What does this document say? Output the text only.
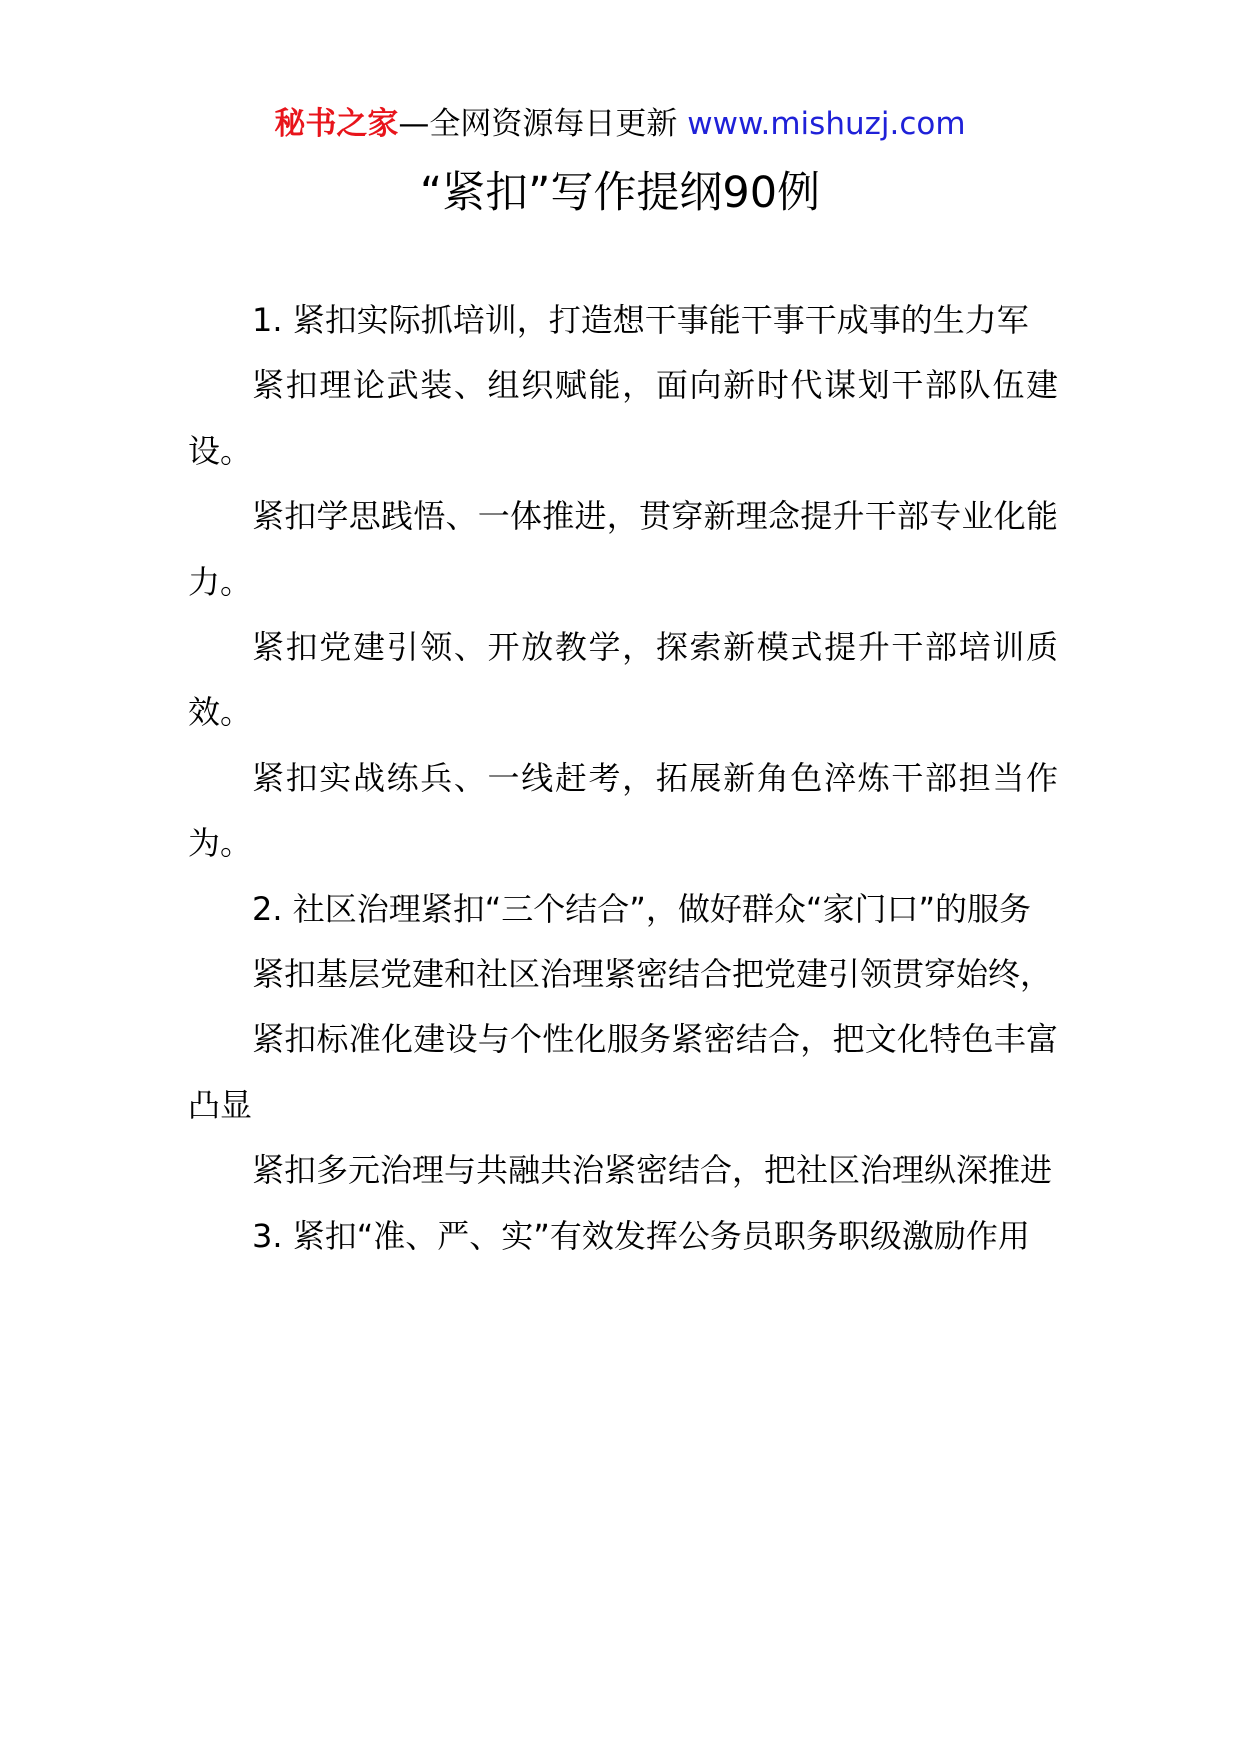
秘书之家—全网资源每日更新 www.mishuzj.com
“紧扣”写作提纲90例

1. 紧扣实际抓培训，打造想干事能干事干成事的生力军

紧扣理论武装、组织赋能，面向新时代谋划干部队伍建设。

紧扣学思践悟、一体推进，贯穿新理念提升干部专业化能力。

紧扣党建引领、开放教学，探索新模式提升干部培训质效。

紧扣实战练兵、一线赶考，拓展新角色淬炼干部担当作为。

2. 社区治理紧扣“三个结合”，做好群众“家门口”的服务

紧扣基层党建和社区治理紧密结合把党建引领贯穿始终，

紧扣标准化建设与个性化服务紧密结合，把文化特色丰富凸显

紧扣多元治理与共融共治紧密结合，把社区治理纵深推进

3. 紧扣“准、严、实”有效发挥公务员职务职级激励作用
